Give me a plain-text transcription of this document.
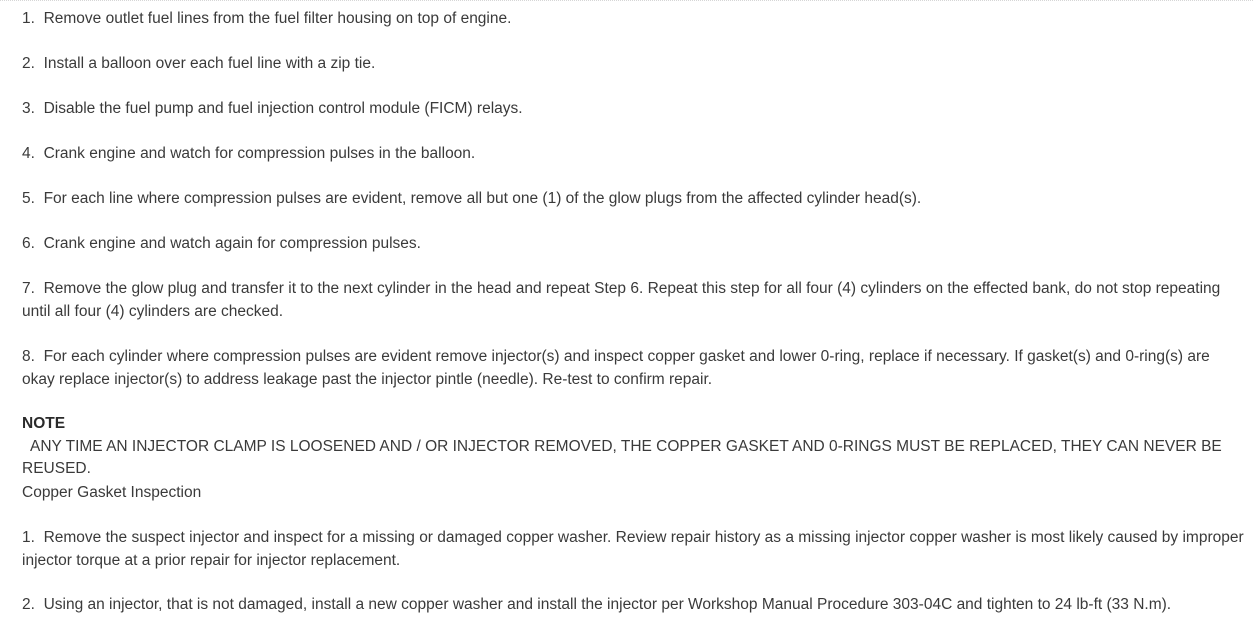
1. Remove outlet fuel lines from the fuel filter housing on top of engine.

2. Install a balloon over each fuel line with a zip tie.

3. Disable the fuel pump and fuel injection control module (FICM) relays.

4. Crank engine and watch for compression pulses in the balloon.

5. For each line where compression pulses are evident, remove all but one (1) of the glow plugs from the affected cylinder head(s).

6. Crank engine and watch again for compression pulses.

7. Remove the glow plug and transfer it to the next cylinder in the head and repeat Step 6. Repeat this step for all four (4) cylinders on the effected bank, do not stop repeating until all four (4) cylinders are checked.

8. For each cylinder where compression pulses are evident remove injector(s) and inspect copper gasket and lower 0-ring, replace if necessary. If gasket(s) and 0-ring(s) are okay replace injector(s) to address leakage past the injector pintle (needle). Re-test to confirm repair.

NOTE
ANY TIME AN INJECTOR CLAMP IS LOOSENED AND / OR INJECTOR REMOVED, THE COPPER GASKET AND 0-RINGS MUST BE REPLACED, THEY CAN NEVER BE REUSED.

Copper Gasket Inspection

1. Remove the suspect injector and inspect for a missing or damaged copper washer. Review repair history as a missing injector copper washer is most likely caused by improper injector torque at a prior repair for injector replacement.

2. Using an injector, that is not damaged, install a new copper washer and install the injector per Workshop Manual Procedure 303-04C and tighten to 24 lb-ft (33 N.m).
